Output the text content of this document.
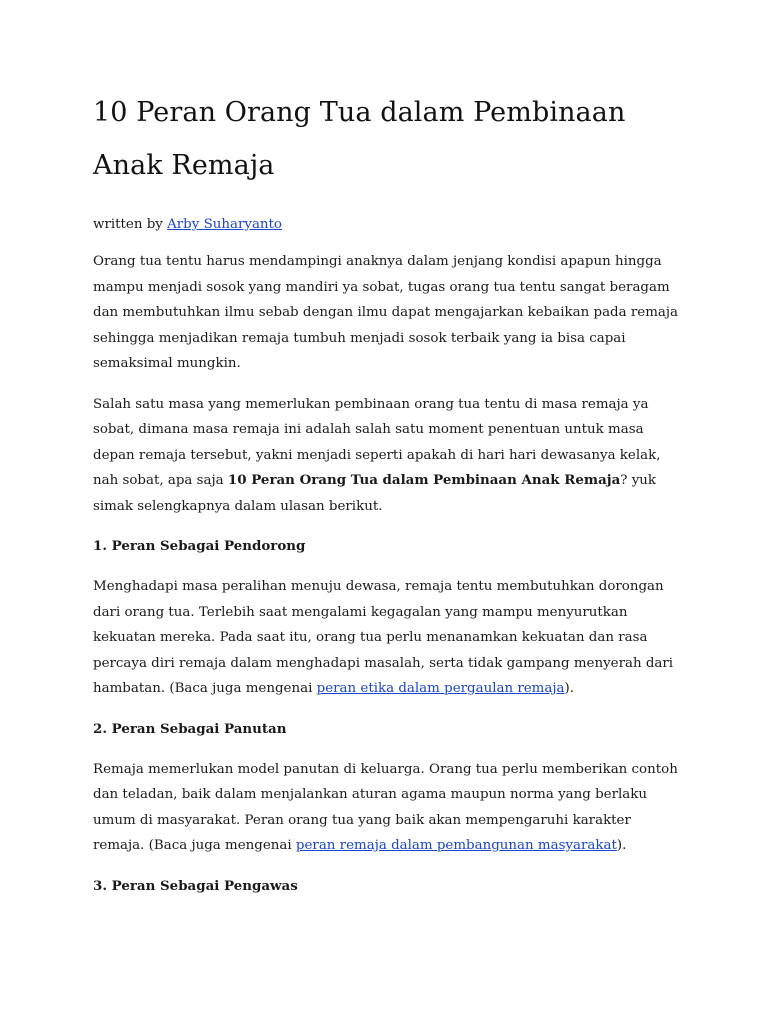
10 Peran Orang Tua dalam Pembinaan Anak Remaja
written by Arby Suharyanto

Orang tua tentu harus mendampingi anaknya dalam jenjang kondisi apapun hingga mampu menjadi sosok yang mandiri ya sobat, tugas orang tua tentu sangat beragam dan membutuhkan ilmu sebab dengan ilmu dapat mengajarkan kebaikan pada remaja sehingga menjadikan remaja tumbuh menjadi sosok terbaik yang ia bisa capai semaksimal mungkin.

Salah satu masa yang memerlukan pembinaan orang tua tentu di masa remaja ya sobat, dimana masa remaja ini adalah salah satu moment penentuan untuk masa depan remaja tersebut, yakni menjadi seperti apakah di hari hari dewasanya kelak, nah sobat, apa saja 10 Peran Orang Tua dalam Pembinaan Anak Remaja? yuk simak selengkapnya dalam ulasan berikut.

1. Peran Sebagai Pendorong

Menghadapi masa peralihan menuju dewasa, remaja tentu membutuhkan dorongan dari orang tua. Terlebih saat mengalami kegagalan yang mampu menyurutkan kekuatan mereka. Pada saat itu, orang tua perlu menanamkan kekuatan dan rasa percaya diri remaja dalam menghadapi masalah, serta tidak gampang menyerah dari hambatan. (Baca juga mengenai peran etika dalam pergaulan remaja).

2. Peran Sebagai Panutan

Remaja memerlukan model panutan di keluarga. Orang tua perlu memberikan contoh dan teladan, baik dalam menjalankan aturan agama maupun norma yang berlaku umum di masyarakat. Peran orang tua yang baik akan mempengaruhi karakter remaja. (Baca juga mengenai peran remaja dalam pembangunan masyarakat).

3. Peran Sebagai Pengawas
